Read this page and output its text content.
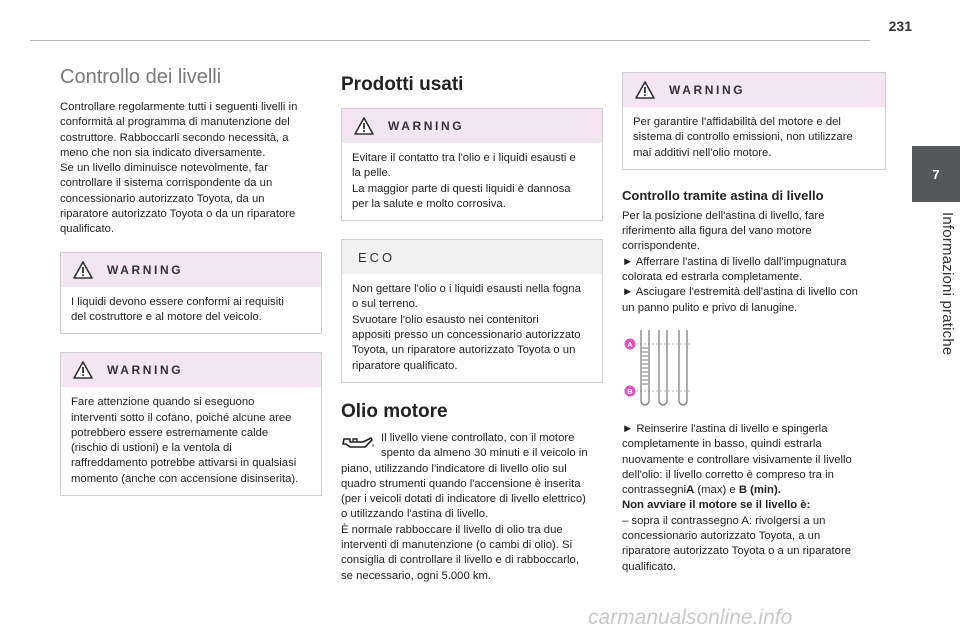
231
7
Informazioni pratiche
Controllo dei livelli
Controllare regolarmente tutti i seguenti livelli in
conformità al programma di manutenzione del
costruttore. Rabboccarli secondo necessità, a
meno che non sia indicato diversamente.
Se un livello diminuisce notevolmente, far
controllare il sistema corrispondente da un
concessionario autorizzato Toyota, da un
riparatore autorizzato Toyota o da un riparatore
qualificato.
WARNING
I liquidi devono essere conformi ai requisiti
del costruttore e al motore del veicolo.
WARNING
Fare attenzione quando si eseguono
interventi sotto il cofano, poiché alcune aree
potrebbero essere estremamente calde
(rischio di ustioni) e la ventola di
raffreddamento potrebbe attivarsi in qualsiasi
momento (anche con accensione disinserita).
Prodotti usati
WARNING
Evitare il contatto tra l'olio e i liquidi esausti e
la pelle.
La maggior parte di questi liquidi è dannosa
per la salute e molto corrosiva.
ECO
Non gettare l'olio o i liquidi esausti nella fogna
o sul terreno.
Svuotare l'olio esausto nei contenitori
appositi presso un concessionario autorizzato
Toyota, un riparatore autorizzato Toyota o un
riparatore qualificato.
Olio motore
Il livello viene controllato, con il motore
spento da almeno 30 minuti e il veicolo in
piano, utilizzando l'indicatore di livello olio sul
quadro strumenti quando l'accensione è inserita
(per i veicoli dotati di indicatore di livello elettrico)
o utilizzando l'astina di livello.
È normale rabboccare il livello di olio tra due
interventi di manutenzione (o cambi di olio). Si
consiglia di controllare il livello e di rabboccarlo,
se necessario, ogni 5.000 km.
WARNING
Per garantire l'affidabilità del motore e del
sistema di controllo emissioni, non utilizzare
mai additivi nell'olio motore.
Controllo tramite astina di livello
Per la posizione dell'astina di livello, fare
riferimento alla figura del vano motore
corrispondente.
► Afferrare l'astina di livello dall'impugnatura
colorata ed estrarla completamente.
► Asciugare l'estremità dell'astina di livello con
un panno pulito e privo di lanugine.
A
B
► Reinserire l'astina di livello e spingerla
completamente in basso, quindi estrarla
nuovamente e controllare visivamente il livello
dell'olio: il livello corretto è compreso tra in
contrassegniA (max) e B (min).
Non avviare il motore se il livello è:
– sopra il contrassegno A: rivolgersi a un
concessionario autorizzato Toyota, a un
riparatore autorizzato Toyota o a un riparatore
qualificato.
carmanualsonline.info
